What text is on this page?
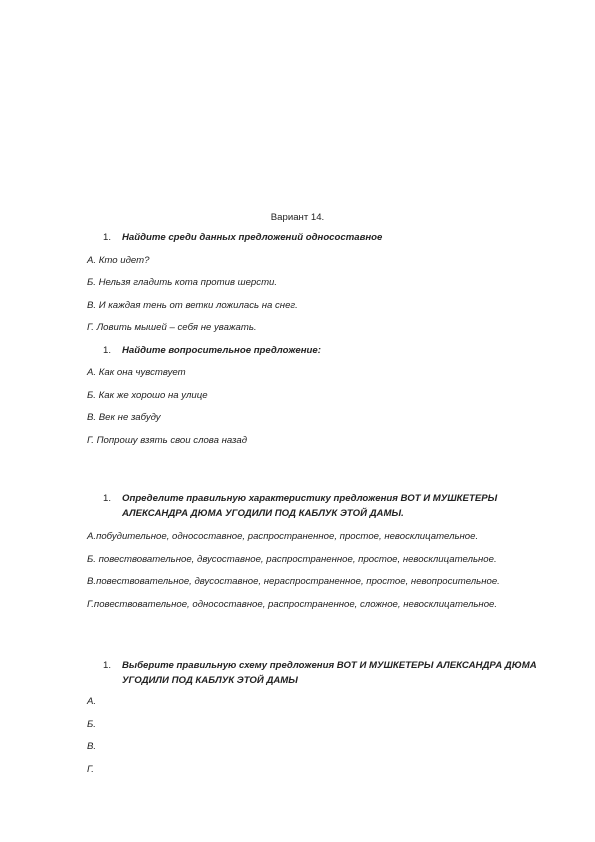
Вариант 14.
1. Найдите среди данных предложений односоставное
А. Кто идет?
Б. Нельзя гладить кота против шерсти.
В. И каждая тень от ветки ложилась на снег.
Г. Ловить мышей – себя не уважать.
1. Найдите вопросительное предложение:
А. Как она чувствует
Б. Как же хорошо на улице
В. Век не забуду
Г. Попрошу взять свои слова назад
1. Определите правильную характеристику предложения ВОТ И МУШКЕТЕРЫ АЛЕКСАНДРА ДЮМА УГОДИЛИ ПОД КАБЛУК ЭТОЙ ДАМЫ.
А.побудительное, односоставное, распространенное, простое, невосклицательное.
Б. повествовательное, двусоставное, распространенное, простое, невосклицательное.
В.повествовательное, двусоставное, нераспространенное, простое, невопросительное.
Г.повествовательное, односоставное, распространенное, сложное, невосклицательное.
1. Выберите правильную схему предложения ВОТ И МУШКЕТЕРЫ АЛЕКСАНДРА ДЮМА УГОДИЛИ ПОД КАБЛУК ЭТОЙ ДАМЫ
А.
Б.
В.
Г.
